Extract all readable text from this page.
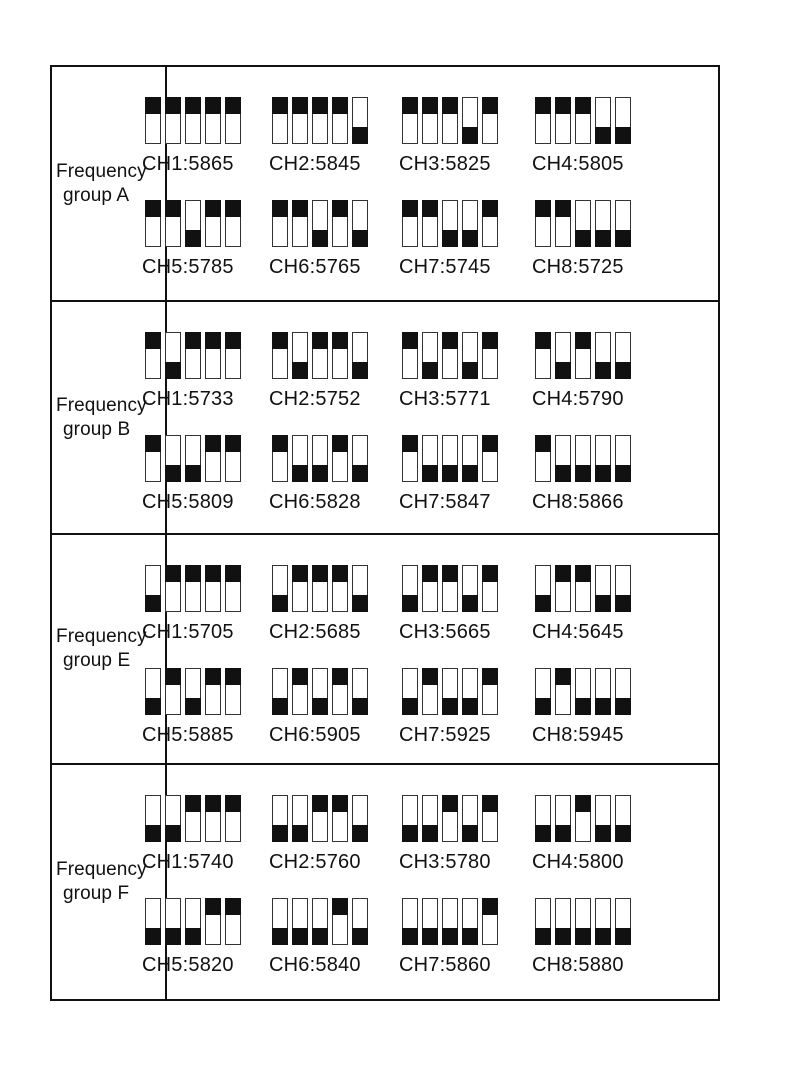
Frequency
group A
CH1:5865 CH2:5845 CH3:5825 CH4:5805
CH5:5785 CH6:5765 CH7:5745 CH8:5725
Frequency
group B
CH1:5733 CH2:5752 CH3:5771 CH4:5790
CH5:5809 CH6:5828 CH7:5847 CH8:5866
Frequency
group E
CH1:5705 CH2:5685 CH3:5665 CH4:5645
CH5:5885 CH6:5905 CH7:5925 CH8:5945
Frequency
group F
CH1:5740 CH2:5760 CH3:5780 CH4:5800
CH5:5820 CH6:5840 CH7:5860 CH8:5880
